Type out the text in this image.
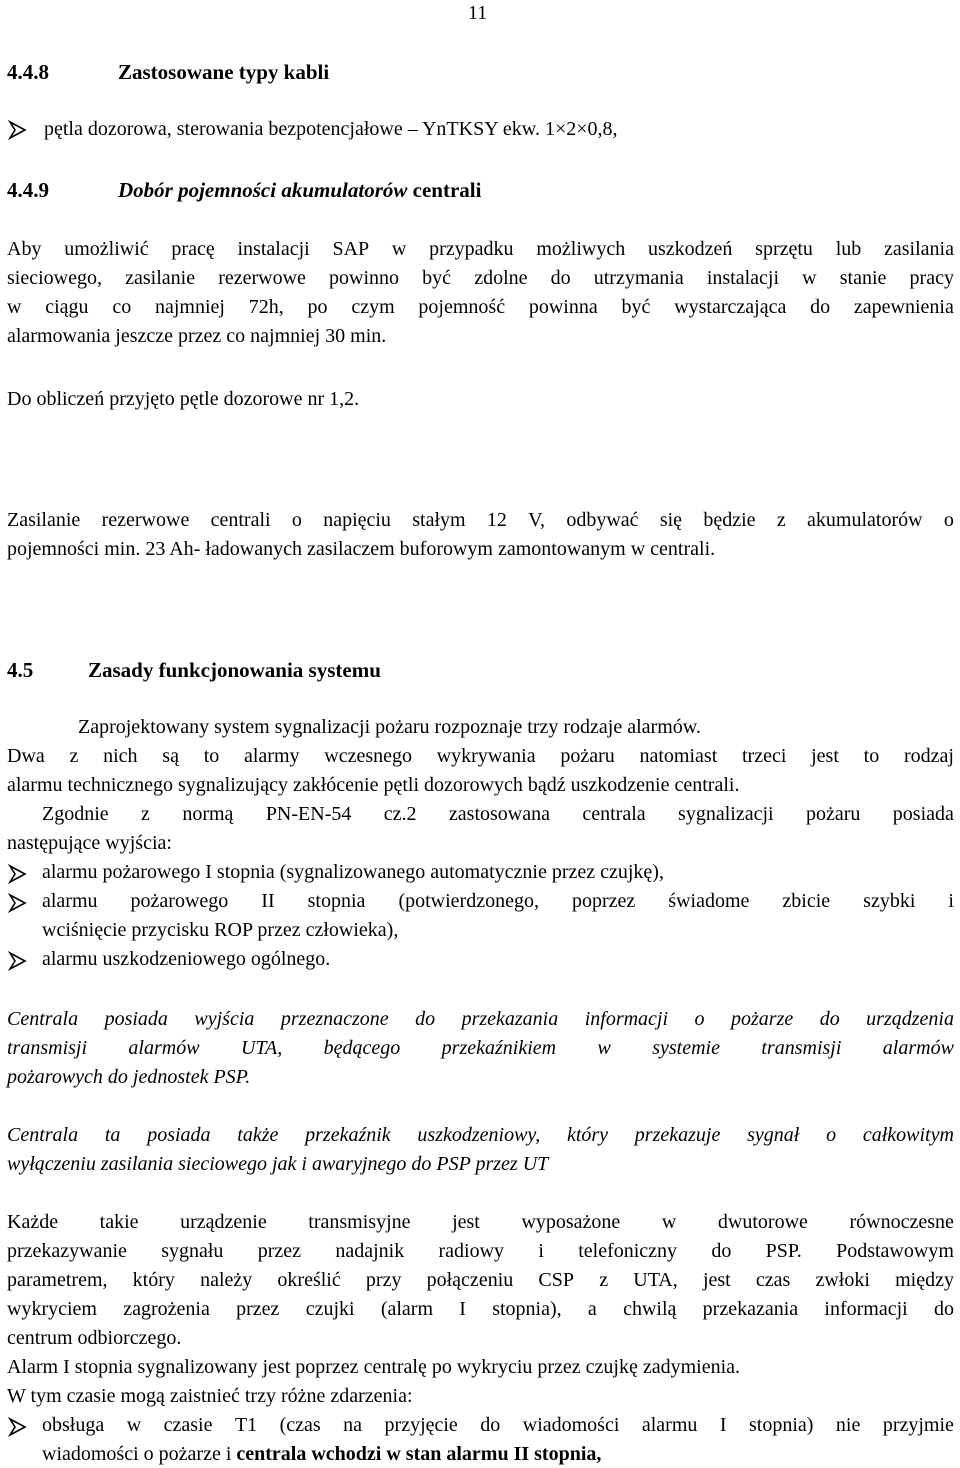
11
4.4.8	Zastosowane typy kabli
pętla dozorowa, sterowania bezpotencjałowe – YnTKSY ekw. 1×2×0,8,
4.4.9	Dobór pojemności akumulatorów centrali
Aby umożliwić pracę instalacji SAP w przypadku możliwych uszkodzeń sprzętu lub zasilania
sieciowego, zasilanie rezerwowe powinno być zdolne do utrzymania instalacji w stanie pracy
w ciągu co najmniej 72h, po czym pojemność powinna być wystarczająca do zapewnienia
alarmowania jeszcze przez co najmniej 30 min.
Do obliczeń przyjęto pętle dozorowe nr 1,2.
Zasilanie rezerwowe centrali o napięciu stałym 12 V, odbywać się będzie z akumulatorów o
pojemności min. 23 Ah- ładowanych zasilaczem buforowym zamontowanym w centrali.
4.5	Zasady funkcjonowania systemu
Zaprojektowany system sygnalizacji pożaru rozpoznaje trzy rodzaje alarmów.
Dwa z nich są to alarmy wczesnego wykrywania pożaru natomiast trzeci jest to rodzaj
alarmu technicznego sygnalizujący zakłócenie pętli dozorowych bądź uszkodzenie centrali.
Zgodnie z normą PN-EN-54 cz.2 zastosowana centrala sygnalizacji pożaru posiada
następujące wyjścia:
alarmu pożarowego I stopnia (sygnalizowanego automatycznie przez czujkę),
alarmu pożarowego II stopnia (potwierdzonego, poprzez świadome zbicie szybki i
wciśnięcie przycisku ROP przez człowieka),
alarmu uszkodzeniowego ogólnego.
Centrala posiada wyjścia przeznaczone do przekazania informacji o pożarze do urządzenia
transmisji alarmów UTA, będącego przekaźnikiem w systemie transmisji alarmów
pożarowych do jednostek PSP.
Centrala ta posiada także przekaźnik uszkodzeniowy, który przekazuje sygnał o całkowitym
wyłączeniu zasilania sieciowego jak i awaryjnego do PSP przez UT
Każde takie urządzenie transmisyjne jest wyposażone w dwutorowe równoczesne
przekazywanie sygnału przez nadajnik radiowy i telefoniczny do PSP. Podstawowym
parametrem, który należy określić przy połączeniu CSP z UTA, jest czas zwłoki między
wykryciem zagrożenia przez czujki (alarm I stopnia), a chwilą przekazania informacji do
centrum odbiorczego.
Alarm I stopnia sygnalizowany jest poprzez centralę po wykryciu przez czujkę zadymienia.
W tym czasie mogą zaistnieć trzy różne zdarzenia:
obsługa w czasie T1 (czas na przyjęcie do wiadomości alarmu I stopnia) nie przyjmie
wiadomości o pożarze i centrala wchodzi w stan alarmu II stopnia,
